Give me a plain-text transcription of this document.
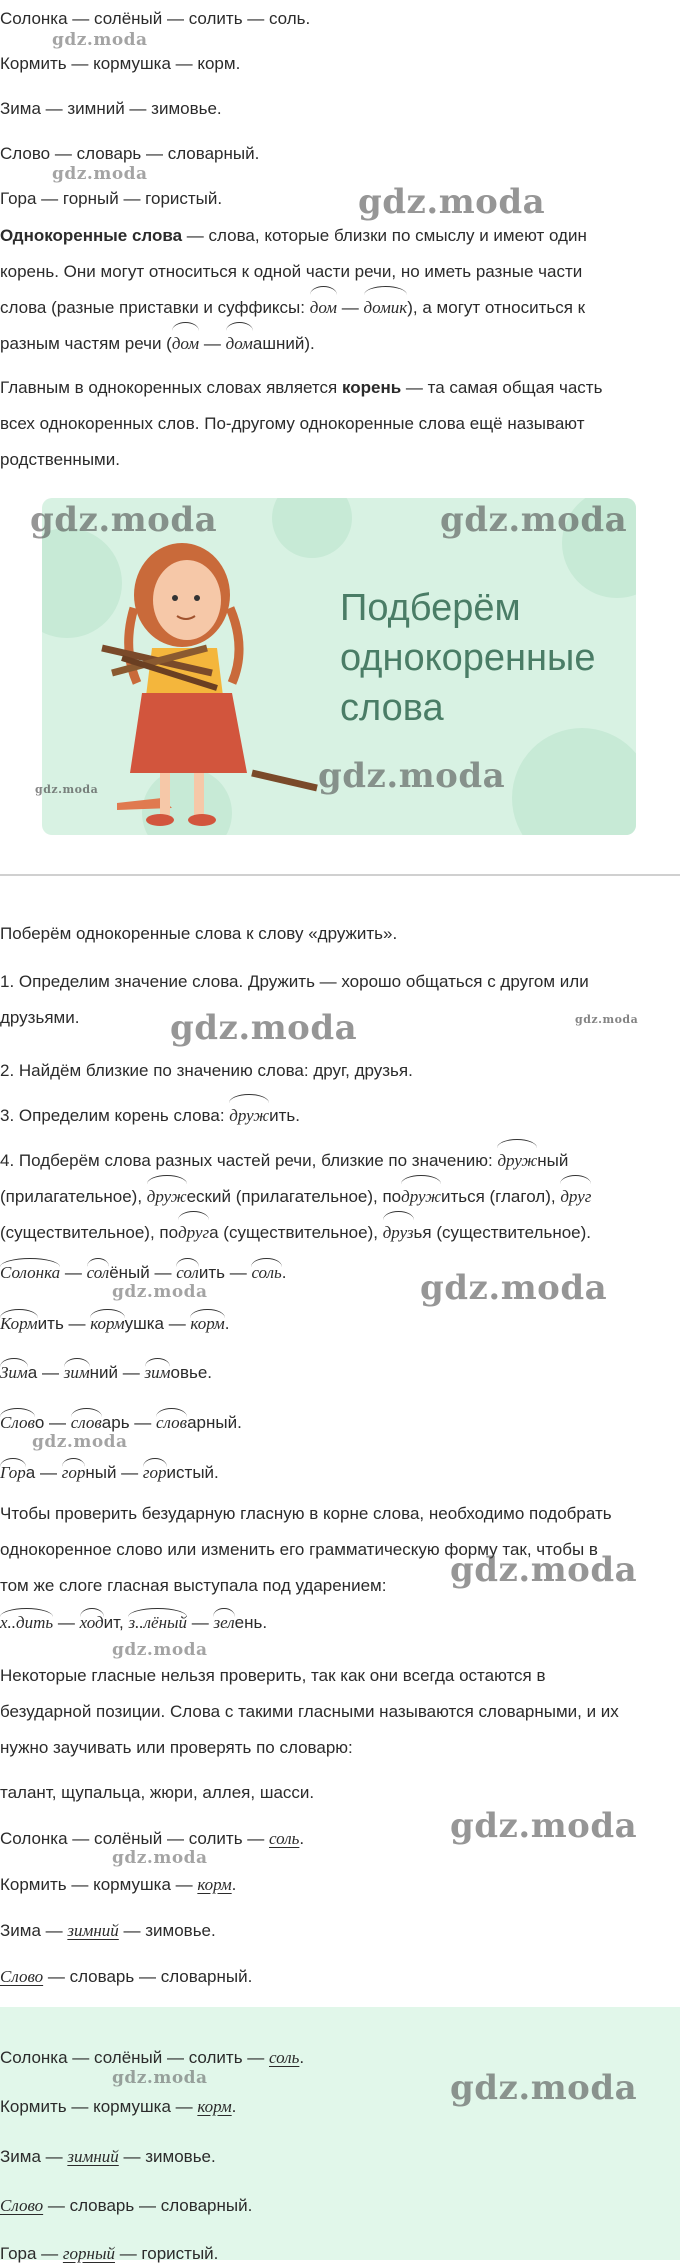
Солонка — солёный — солить — соль.
Кормить — кормушка — корм.
Зима — зимний — зимовье.
Слово — словарь — словарный.
Гора — горный — гористый.
Однокоренные слова — слова, которые близки по смыслу и имеют один
корень. Они могут относиться к одной части речи, но иметь разные части
слова (разные приставки и суффиксы: дом — домик), а могут относиться к
разным частям речи (дом — домашний).
Главным в однокоренных словах является корень — та самая общая часть
всех однокоренных слов. По-другому однокоренные слова ещё называют
родственными.
Подберём
однокоренные
слова
Поберём однокоренные слова к слову «дружить».
1. Определим значение слова. Дружить — хорошо общаться с другом или
друзьями.
2. Найдём близкие по значению слова: друг, друзья.
3. Определим корень слова: дружить.
4. Подберём слова разных частей речи, близкие по значению: дружный
(прилагательное), дружеский (прилагательное), подружиться (глагол), друг
(существительное), подруга (существительное), друзья (существительное).
Солонка — солёный — солить — соль.
Кормить — кормушка — корм.
Зима — зимний — зимовье.
Слово — словарь — словарный.
Гора — горный — гористый.
Чтобы проверить безударную гласную в корне слова, необходимо подобрать
однокоренное слово или изменить его грамматическую форму так, чтобы в
том же слоге гласная выступала под ударением:
х..дить — ходит, з..лёный — зелень.
Некоторые гласные нельзя проверить, так как они всегда остаются в
безударной позиции. Слова с такими гласными называются словарными, и их
нужно заучивать или проверять по словарю:
талант, щупальца, жюри, аллея, шасси.
Солонка — солёный — солить — соль.
Кормить — кормушка — корм.
Зима — зимний — зимовье.
Слово — словарь — словарный.
Солонка — солёный — солить — соль.
Кормить — кормушка — корм.
Зима — зимний — зимовье.
Слово — словарь — словарный.
Гора — горный — гористый.
gdz.moda
gdz.moda
gdz.moda
gdz.moda	gdz.moda
gdz.moda	gdz.moda
gdz.moda	gdz.moda
gdz.moda	gdz.moda
gdz.moda
gdz.moda
gdz.moda
gdz.moda
gdz.moda
gdz.moda	gdz.moda
